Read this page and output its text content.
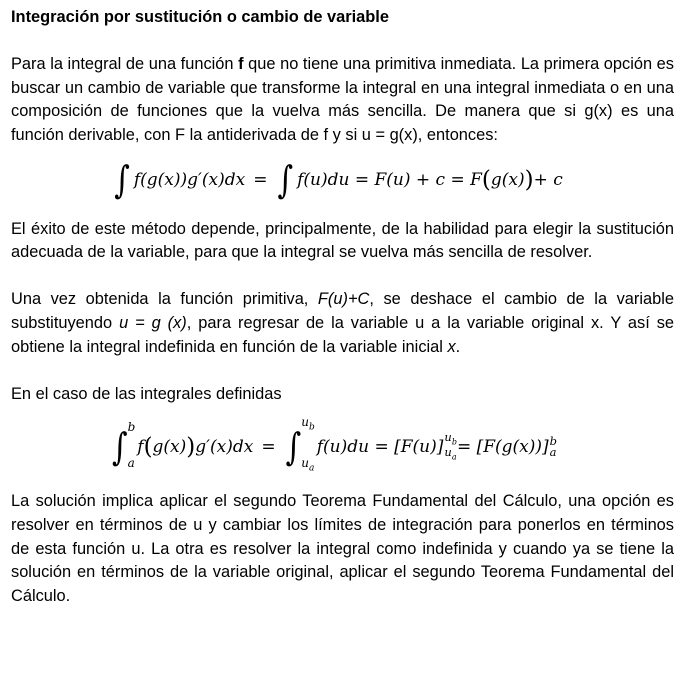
Integración por sustitución o cambio de variable

Para la integral de una función f que no tiene una primitiva inmediata. La primera opción es buscar un cambio de variable que transforme la integral en una integral inmediata o en una composición de funciones que la vuelva más sencilla. De manera que si g(x) es una función derivable, con F la antiderivada de f y si u = g(x), entonces:

∫ f(g(x))g′(x)dx = ∫ f(u)du = F(u) + c = F ( g(x) ) + c

El éxito de este método depende, principalmente, de la habilidad para elegir la sustitución adecuada de la variable, para que la integral se vuelva más sencilla de resolver.

Una vez obtenida la función primitiva, F(u)+C, se deshace el cambio de la variable substituyendo u = g (x), para regresar de la variable u a la variable original x. Y así se obtiene la integral indefinida en función de la variable inicial x.

En el caso de las integrales definidas

∫ b
a
f ( g(x) ) g′(x)dx = ∫
$u_b$
$u_a$
f(u)du = [F(u)] $u_b$
$u_a$
= [F(g(x))] b
a

La solución implica aplicar el segundo Teorema Fundamental del Cálculo, una opción es resolver en términos de u y cambiar los límites de integración para ponerlos en términos de esta función u. La otra es resolver la integral como indefinida y cuando ya se tiene la solución en términos de la variable original, aplicar el segundo Teorema Fundamental del Cálculo.
